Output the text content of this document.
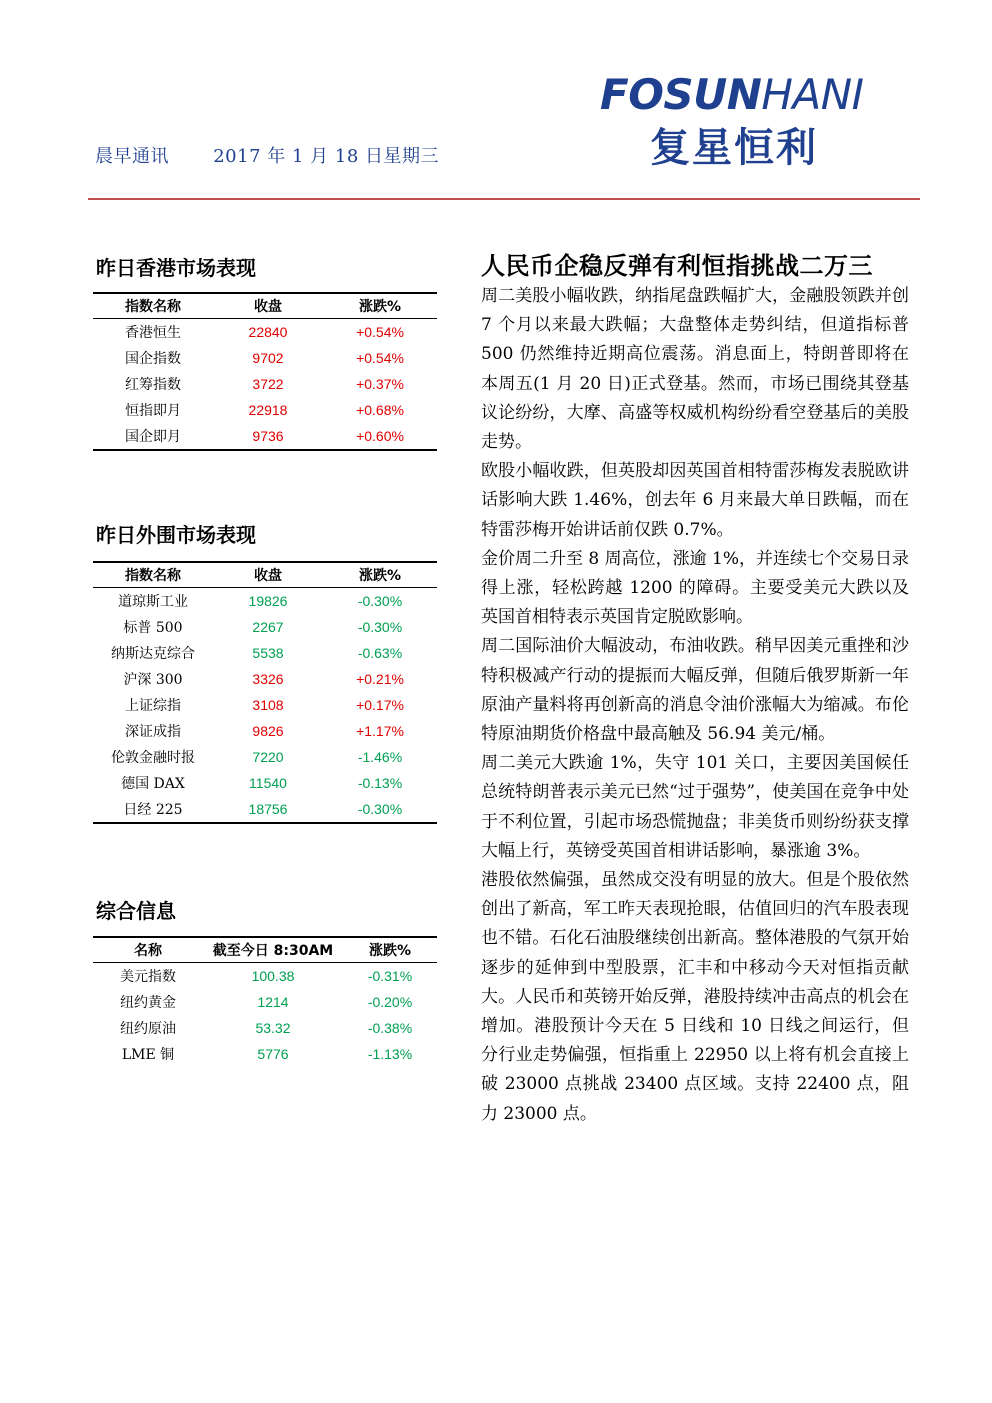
晨早通讯 2017 年 1 月 18 日星期三
FOSUNHANI
复星恒利
昨日香港市场表现
指数名称	收盘	涨跌%
香港恒生	22840	+0.54%
国企指数	9702	+0.54%
红筹指数	3722	+0.37%
恒指即月	22918	+0.68%
国企即月	9736	+0.60%
昨日外围市场表现
指数名称	收盘	涨跌%
道琼斯工业	19826	-0.30%
标普 500	2267	-0.30%
纳斯达克综合	5538	-0.63%
沪深 300	3326	+0.21%
上证综指	3108	+0.17%
深证成指	9826	+1.17%
伦敦金融时报	7220	-1.46%
德国 DAX	11540	-0.13%
日经 225	18756	-0.30%
综合信息
名称	截至今日 8:30AM	涨跌%
美元指数	100.38	-0.31%
纽约黄金	1214	-0.20%
纽约原油	53.32	-0.38%
LME 铜	5776	-1.13%
人民币企稳反弹有利恒指挑战二万三

周二美股小幅收跌，纳指尾盘跌幅扩大，金融股领跌并创 7 个月以来最大跌幅；大盘整体走势纠结，但道指标普 500 仍然维持近期高位震荡。消息面上，特朗普即将在本周五(1 月 20 日)正式登基。然而，市场已围绕其登基议论纷纷，大摩、高盛等权威机构纷纷看空登基后的美股走势。

欧股小幅收跌，但英股却因英国首相特雷莎梅发表脱欧讲话影响大跌 1.46%，创去年 6 月来最大单日跌幅，而在特雷莎梅开始讲话前仅跌 0.7%。

金价周二升至 8 周高位，涨逾 1%，并连续七个交易日录得上涨，轻松跨越 1200 的障碍。主要受美元大跌以及英国首相特表示英国肯定脱欧影响。

周二国际油价大幅波动，布油收跌。稍早因美元重挫和沙特积极减产行动的提振而大幅反弹，但随后俄罗斯新一年原油产量料将再创新高的消息令油价涨幅大为缩减。布伦特原油期货价格盘中最高触及 56.94 美元/桶。

周二美元大跌逾 1%，失守 101 关口，主要因美国候任总统特朗普表示美元已然“过于强势”，使美国在竞争中处于不利位置，引起市场恐慌抛盘；非美货币则纷纷获支撑大幅上行，英镑受英国首相讲话影响，暴涨逾 3%。

港股依然偏强，虽然成交没有明显的放大。但是个股依然创出了新高，军工昨天表现抢眼，估值回归的汽车股表现也不错。石化石油股继续创出新高。整体港股的气氛开始逐步的延伸到中型股票，汇丰和中移动今天对恒指贡献大。人民币和英镑开始反弹，港股持续冲击高点的机会在增加。港股预计今天在 5 日线和 10 日线之间运行，但分行业走势偏强，恒指重上 22950 以上将有机会直接上破 23000 点挑战 23400 点区域。支持 22400 点，阻力 23000 点。
